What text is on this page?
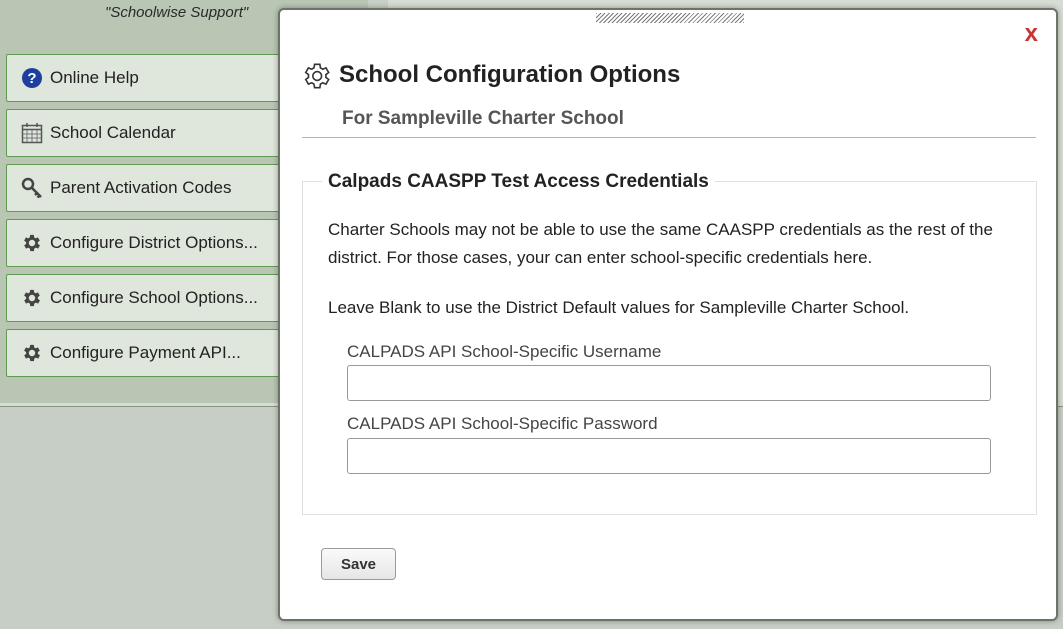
"Schoolwise Support"
? Online Help
School Calendar
Parent Activation Codes
Configure District Options...
Configure School Options...
Configure Payment API...
x
School Configuration Options
For Sampleville Charter School
Calpads CAASPP Test Access Credentials
Charter Schools may not be able to use the same CAASPP credentials as the rest of the district. For those cases, your can enter school-specific credentials here.
Leave Blank to use the District Default values for Sampleville Charter School.
CALPADS API School-Specific Username
CALPADS API School-Specific Password
Save
